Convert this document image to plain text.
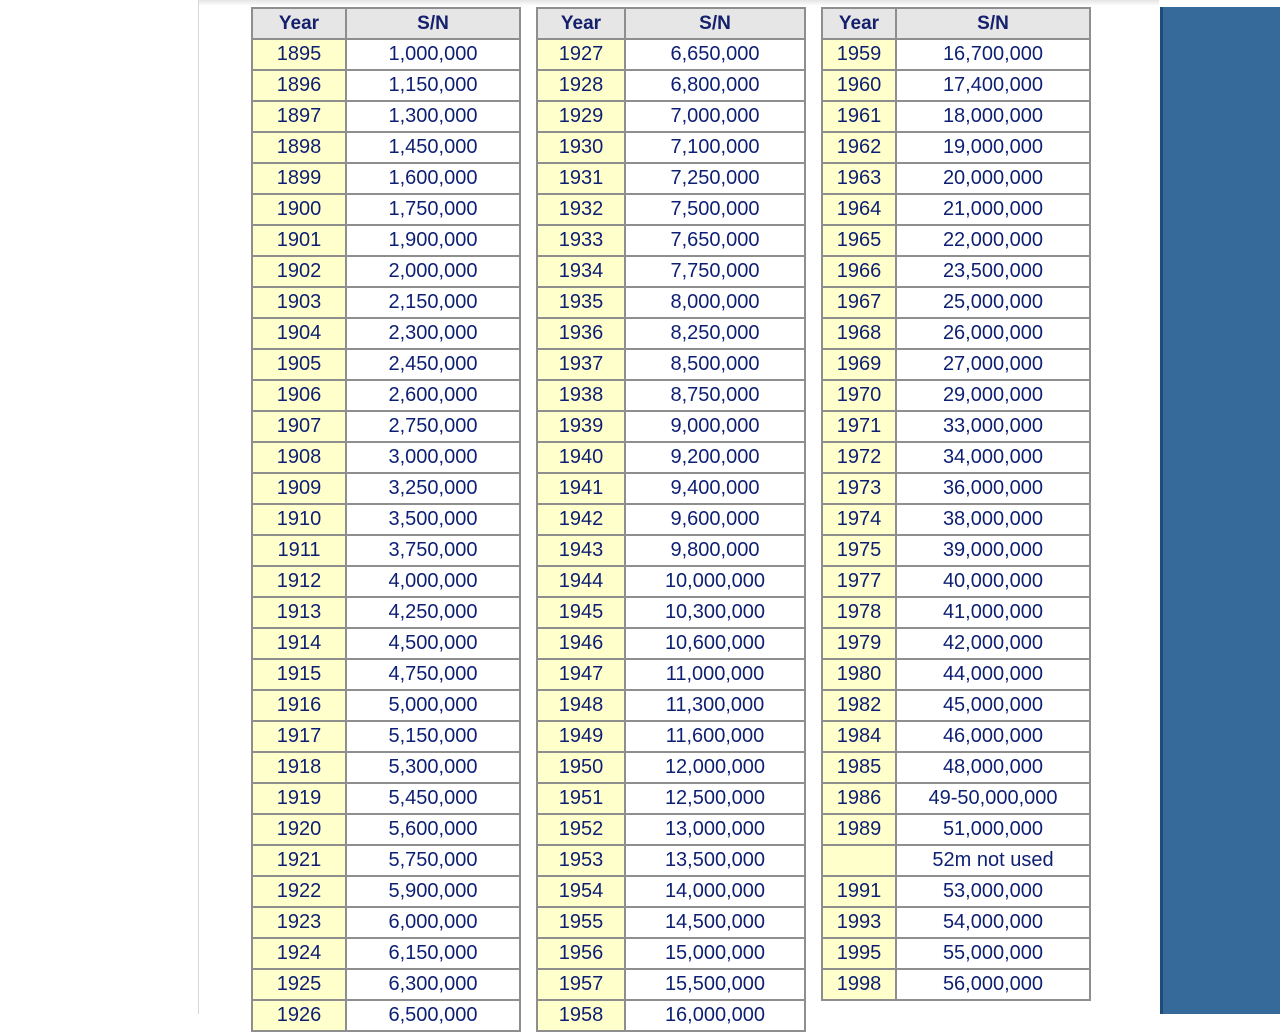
Year	S/N
1895	1,000,000
1896	1,150,000
1897	1,300,000
1898	1,450,000
1899	1,600,000
1900	1,750,000
1901	1,900,000
1902	2,000,000
1903	2,150,000
1904	2,300,000
1905	2,450,000
1906	2,600,000
1907	2,750,000
1908	3,000,000
1909	3,250,000
1910	3,500,000
1911	3,750,000
1912	4,000,000
1913	4,250,000
1914	4,500,000
1915	4,750,000
1916	5,000,000
1917	5,150,000
1918	5,300,000
1919	5,450,000
1920	5,600,000
1921	5,750,000
1922	5,900,000
1923	6,000,000
1924	6,150,000
1925	6,300,000
1926	6,500,000
Year	S/N
1927	6,650,000
1928	6,800,000
1929	7,000,000
1930	7,100,000
1931	7,250,000
1932	7,500,000
1933	7,650,000
1934	7,750,000
1935	8,000,000
1936	8,250,000
1937	8,500,000
1938	8,750,000
1939	9,000,000
1940	9,200,000
1941	9,400,000
1942	9,600,000
1943	9,800,000
1944	10,000,000
1945	10,300,000
1946	10,600,000
1947	11,000,000
1948	11,300,000
1949	11,600,000
1950	12,000,000
1951	12,500,000
1952	13,000,000
1953	13,500,000
1954	14,000,000
1955	14,500,000
1956	15,000,000
1957	15,500,000
1958	16,000,000
Year	S/N
1959	16,700,000
1960	17,400,000
1961	18,000,000
1962	19,000,000
1963	20,000,000
1964	21,000,000
1965	22,000,000
1966	23,500,000
1967	25,000,000
1968	26,000,000
1969	27,000,000
1970	29,000,000
1971	33,000,000
1972	34,000,000
1973	36,000,000
1974	38,000,000
1975	39,000,000
1977	40,000,000
1978	41,000,000
1979	42,000,000
1980	44,000,000
1982	45,000,000
1984	46,000,000
1985	48,000,000
1986	49-50,000,000
1989	51,000,000
	52m not used
1991	53,000,000
1993	54,000,000
1995	55,000,000
1998	56,000,000
